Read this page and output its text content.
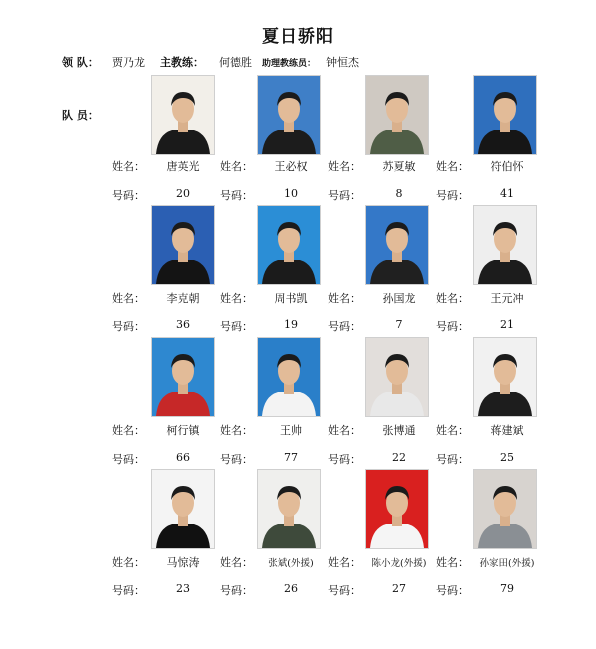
夏日骄阳
领 队： 贾乃龙 主教练： 何德胜 助理教练员： 钟恒杰
队 员：
姓名：	唐英光
号码：	20
姓名：	王必权
号码：	10
姓名：	苏夏敏
号码：	8
姓名：	符伯怀
号码：	41
姓名：	李克朝
号码：	36
姓名：	周书凯
号码：	19
姓名：	孙国龙
号码：	7
姓名：	王元冲
号码：	21
姓名：	柯行镇
号码：	66
姓名：	王帅
号码：	77
姓名：	张博通
号码：	22
姓名：	蒋建斌
号码：	25
姓名：	马惊涛
号码：	23
姓名：	张斌(外援)
号码：	26
姓名：	陈小龙(外援)
号码：	27
姓名：	孙家田(外援)
号码：	79
